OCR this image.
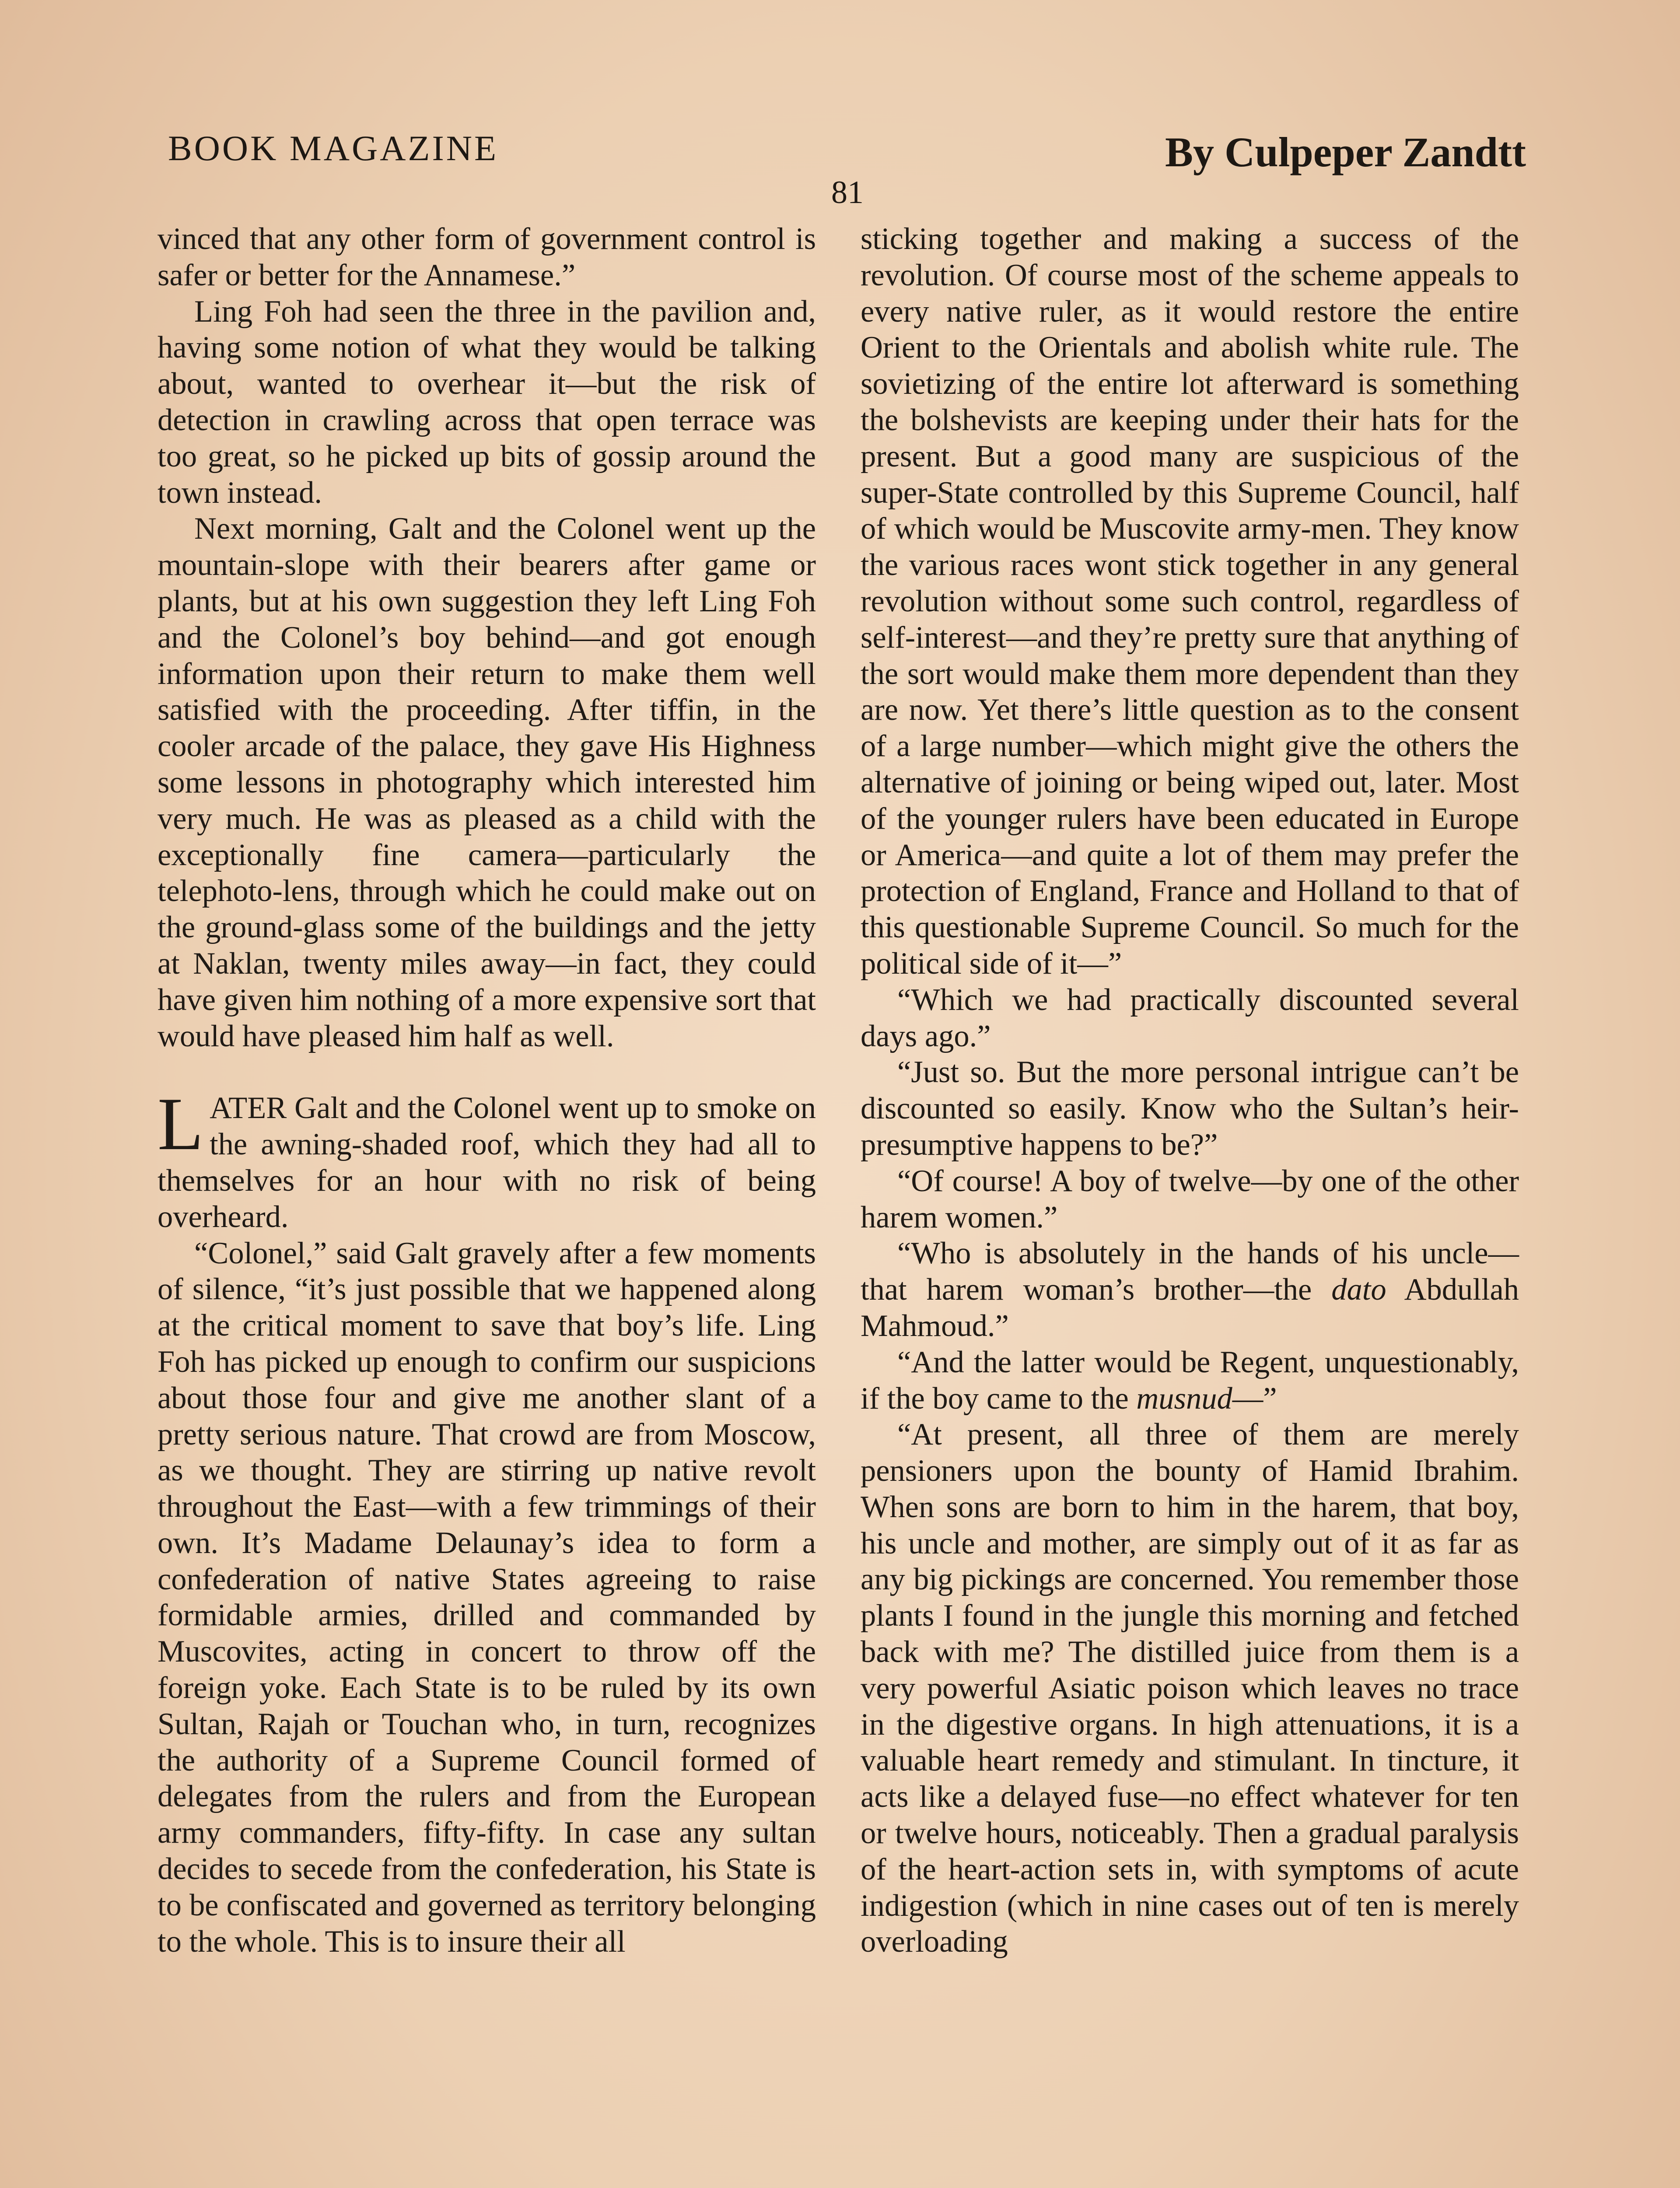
BOOK MAGAZINE	By Culpeper Zandtt
81

vinced that any other form of government control is safer or better for the Annamese.”

Ling Foh had seen the three in the pavilion and, having some notion of what they would be talking about, wanted to overhear it—but the risk of detection in crawling across that open terrace was too great, so he picked up bits of gossip around the town instead.

Next morning, Galt and the Colonel went up the mountain-slope with their bearers after game or plants, but at his own suggestion they left Ling Foh and the Colonel’s boy behind—and got enough information upon their return to make them well satisfied with the proceeding. After tiffin, in the cooler arcade of the palace, they gave His Highness some lessons in photography which interested him very much. He was as pleased as a child with the exceptionally fine camera—particularly the telephoto-lens, through which he could make out on the ground-glass some of the buildings and the jetty at Naklan, twenty miles away—in fact, they could have given him nothing of a more expensive sort that would have pleased him half as well.

LATER Galt and the Colonel went up to smoke on the awning-shaded roof, which they had all to themselves for an hour with no risk of being overheard.

“Colonel,” said Galt gravely after a few moments of silence, “it’s just possible that we happened along at the critical moment to save that boy’s life. Ling Foh has picked up enough to confirm our suspicions about those four and give me another slant of a pretty serious nature. That crowd are from Moscow, as we thought. They are stirring up native revolt throughout the East—with a few trimmings of their own. It’s Madame Delaunay’s idea to form a confederation of native States agreeing to raise formidable armies, drilled and commanded by Muscovites, acting in concert to throw off the foreign yoke. Each State is to be ruled by its own Sultan, Rajah or Touchan who, in turn, recognizes the authority of a Supreme Council formed of delegates from the rulers and from the European army commanders, fifty-fifty. In case any sultan decides to secede from the confederation, his State is to be confiscated and governed as territory belonging to the whole. This is to insure their all

sticking together and making a success of the revolution. Of course most of the scheme appeals to every native ruler, as it would restore the entire Orient to the Orientals and abolish white rule. The sovietizing of the entire lot afterward is something the bolshevists are keeping under their hats for the present. But a good many are suspicious of the super-State controlled by this Supreme Council, half of which would be Muscovite army-men. They know the various races wont stick together in any general revolution without some such control, regardless of self-interest—and they’re pretty sure that anything of the sort would make them more dependent than they are now. Yet there’s little question as to the consent of a large number—which might give the others the alternative of joining or being wiped out, later. Most of the younger rulers have been educated in Europe or America—and quite a lot of them may prefer the protection of England, France and Holland to that of this questionable Supreme Council. So much for the political side of it—”

“Which we had practically discounted several days ago.”

“Just so. But the more personal intrigue can’t be discounted so easily. Know who the Sultan’s heir-presumptive happens to be?”

“Of course! A boy of twelve—by one of the other harem women.”

“Who is absolutely in the hands of his uncle—that harem woman’s brother—the dato Abdullah Mahmoud.”

“And the latter would be Regent, unquestionably, if the boy came to the musnud—”

“At present, all three of them are merely pensioners upon the bounty of Hamid Ibrahim. When sons are born to him in the harem, that boy, his uncle and mother, are simply out of it as far as any big pickings are concerned. You remember those plants I found in the jungle this morning and fetched back with me? The distilled juice from them is a very powerful Asiatic poison which leaves no trace in the digestive organs. In high attenuations, it is a valuable heart remedy and stimulant. In tincture, it acts like a delayed fuse—no effect whatever for ten or twelve hours, noticeably. Then a gradual paralysis of the heart-action sets in, with symptoms of acute indigestion (which in nine cases out of ten is merely overloading
